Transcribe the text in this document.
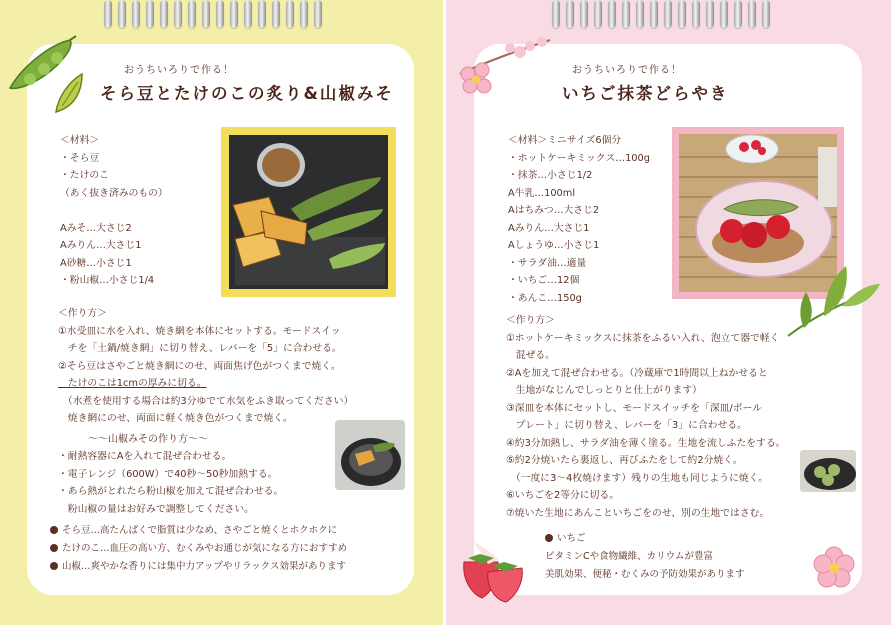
おうちいろりで作る！
そら豆とたけのこの炙り&山椒みそ
＜材料＞
・そら豆
・たけのこ
（あく抜き済みのもの）
Aみそ…大さじ2
Aみりん…大さじ1
A砂糖…小さじ1
・粉山椒…小さじ1/4
＜作り方＞
①水受皿に水を入れ、焼き網を本体にセットする。モードスイッ
　チを「土鍋/焼き網」に切り替え、レバーを「5」に合わせる。
②そら豆はさやごと焼き網にのせ、両面焦げ色がつくまで焼く。
　たけのこは1cmの厚みに切る。
　（水煮を使用する場合は約3分ゆでて水気をふき取ってください）
　焼き網にのせ、両面に軽く焼き色がつくまで焼く。
～～山椒みその作り方～～
・耐熱容器にAを入れて混ぜ合わせる。
・電子レンジ（600W）で40秒～50秒加熱する。
・あら熱がとれたら粉山椒を加えて混ぜ合わせる。
　粉山椒の量はお好みで調整してください。
そら豆…高たんぱくで脂質は少なめ、さやごと焼くとホクホクに
たけのこ…血圧の高い方、むくみやお通じが気になる方におすすめ
山椒…爽やかな香りには集中力アップやリラックス効果があります
おうちいろりで作る！
いちご抹茶どらやき
＜材料＞ミニサイズ6個分
・ホットケーキミックス…100g
・抹茶…小さじ1/2
A牛乳…100ml
Aはちみつ…大さじ2
Aみりん…大さじ1
Aしょうゆ…小さじ1
・サラダ油…適量
・いちご…12個
・あんこ…150g
＜作り方＞
①ホットケーキミックスに抹茶をふるい入れ、泡立て器で軽く
　混ぜる。
②Aを加えて混ぜ合わせる。（冷蔵庫で1時間以上ねかせると
　生地がなじんでしっとりと仕上がります）
③深皿を本体にセットし、モードスイッチを「深皿/ボール
　プレート」に切り替え、レバーを「3」に合わせる。
④約3分加熱し、サラダ油を薄く塗る。生地を流しふたをする。
⑤約2分焼いたら裏返し、再びふたをして約2分焼く。
　（一度に3～4枚焼けます）残りの生地も同じように焼く。
⑥いちごを2等分に切る。
⑦焼いた生地にあんこといちごをのせ、別の生地ではさむ。
いちご
ビタミンCや食物繊維、カリウムが豊富
美肌効果、便秘・むくみの予防効果があります
